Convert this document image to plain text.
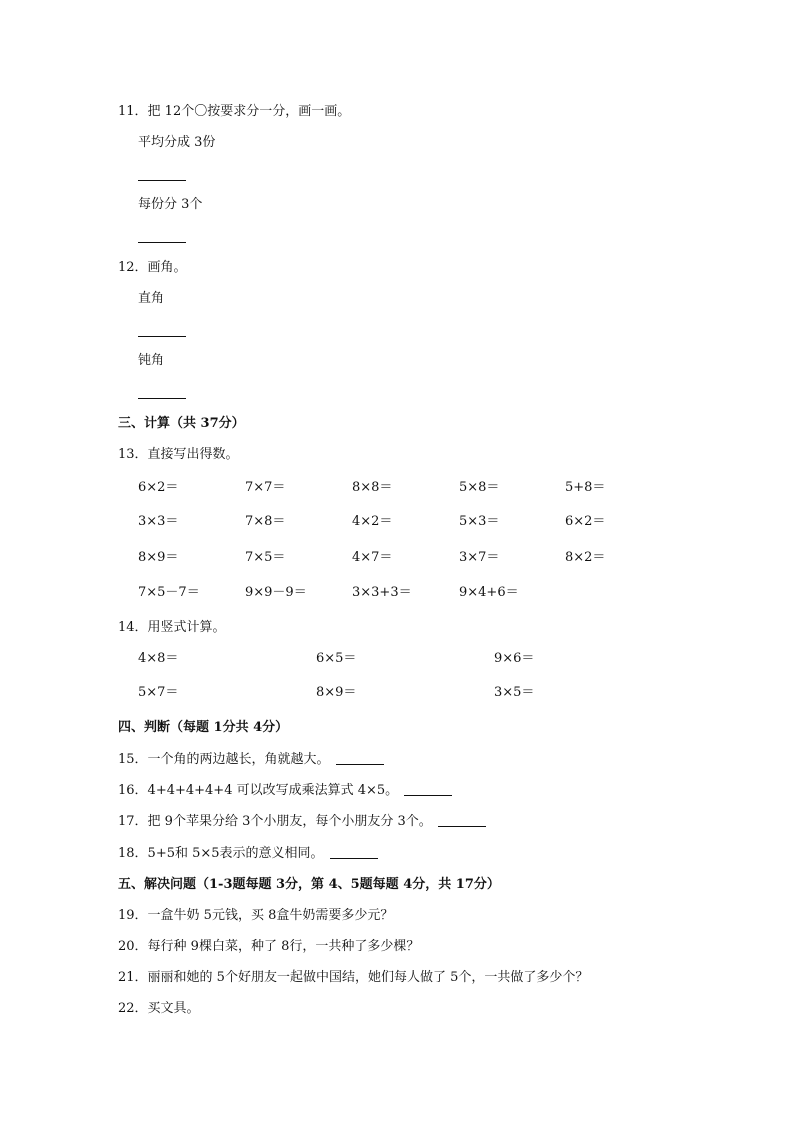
11．把 12个〇按要求分一分，画一画。
平均分成 3份
每份分 3个
12．画角。
直角
钝角
三、计算（共 37分）
13．直接写出得数。
6×2＝	7×7＝	8×8＝	5×8＝	5+8＝
3×3＝	7×8＝	4×2＝	5×3＝	6×2＝
8×9＝	7×5＝	4×7＝	3×7＝	8×2＝
7×5－7＝	9×9－9＝	3×3+3＝	9×4+6＝
14．用竖式计算。
4×8＝	6×5＝	9×6＝
5×7＝	8×9＝	3×5＝
四、判断（每题 1分共 4分）
15．一个角的两边越长，角就越大。
16．4+4+4+4+4 可以改写成乘法算式 4×5。
17．把 9个苹果分给 3个小朋友，每个小朋友分 3个。
18．5+5和 5×5表示的意义相同。
五、解决问题（1-3题每题 3分，第 4、5题每题 4分，共 17分）
19．一盒牛奶 5元钱，买 8盒牛奶需要多少元？
20．每行种 9棵白菜，种了 8行，一共种了多少棵？
21．丽丽和她的 5个好朋友一起做中国结，她们每人做了 5个，一共做了多少个？
22．买文具。
